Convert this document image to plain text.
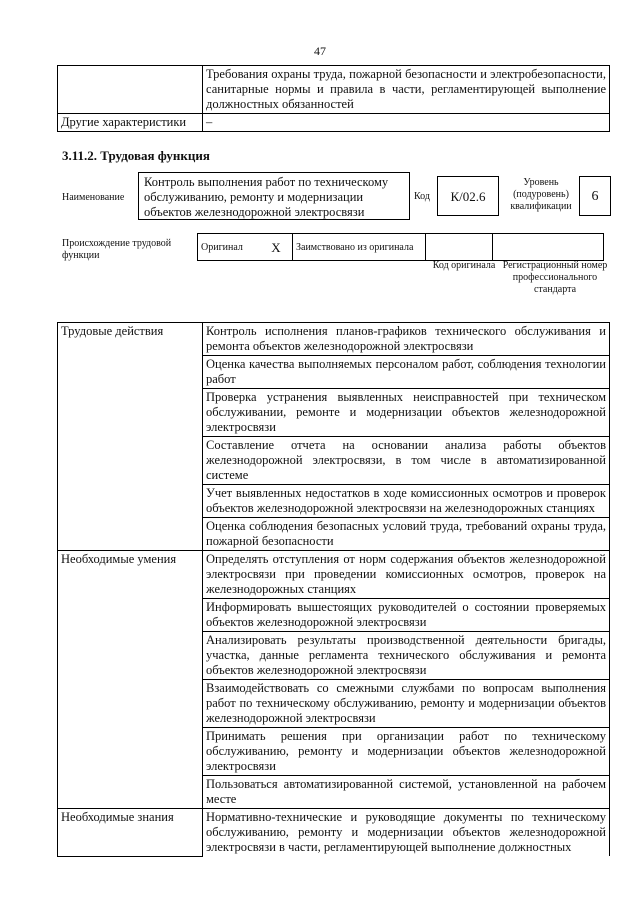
47
	Требования охраны труда, пожарной безопасности и электробезопасности, санитарные нормы и правила в части, регламентирующей выполнение должностных обязанностей
Другие характеристики	–
3.11.2. Трудовая функция
Наименование
Контроль выполнения работ по техническому обслуживанию, ремонту и модернизации объектов железнодорожной электросвязи
Код	К/02.6
Уровень (подуровень) квалификации
6
Происхождение трудовой функции
Оригинал	X	Заимствовано из оригинала		
Код оригинала Регистрационный номер профессионального стандарта
Трудовые действия	Контроль исполнения планов-графиков технического обслуживания и ремонта объектов железнодорожной электросвязи
	Оценка качества выполняемых персоналом работ, соблюдения технологии работ
	Проверка устранения выявленных неисправностей при техническом обслуживании, ремонте и модернизации объектов железнодорожной электросвязи
	Составление отчета на основании анализа работы объектов железнодорожной электросвязи, в том числе в автоматизированной системе
	Учет выявленных недостатков в ходе комиссионных осмотров и проверок объектов железнодорожной электросвязи на железнодорожных станциях
	Оценка соблюдения безопасных условий труда, требований охраны труда, пожарной безопасности
Необходимые умения	Определять отступления от норм содержания объектов железнодорожной электросвязи при проведении комиссионных осмотров, проверок на железнодорожных станциях
	Информировать вышестоящих руководителей о состоянии проверяемых объектов железнодорожной электросвязи
	Анализировать результаты производственной деятельности бригады, участка, данные регламента технического обслуживания и ремонта объектов железнодорожной электросвязи
	Взаимодействовать со смежными службами по вопросам выполнения работ по техническому обслуживанию, ремонту и модернизации объектов железнодорожной электросвязи
	Принимать решения при организации работ по техническому обслуживанию, ремонту и модернизации объектов железнодорожной электросвязи
	Пользоваться автоматизированной системой, установленной на рабочем месте
Необходимые знания	Нормативно-технические и руководящие документы по техническому обслуживанию, ремонту и модернизации объектов железнодорожной электросвязи в части, регламентирующей выполнение должностных
